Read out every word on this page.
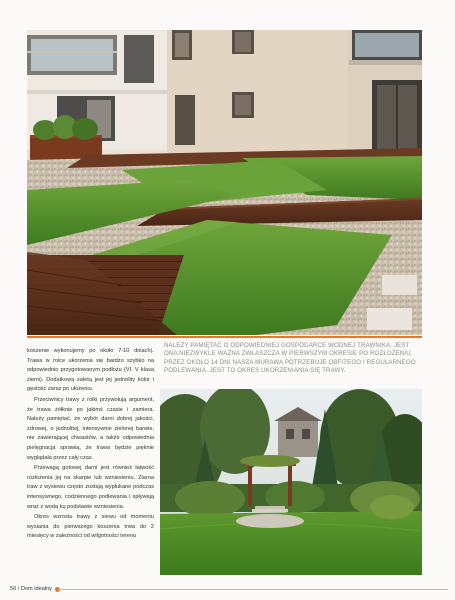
koszenie wykonujemy po około 7-10 dniach). Trawa w rolce ukorzenia się bardzo szybko na odpowiednio przygotowanym podłożu (VI. V klasa ziemi). Dodatkową zaletą jest jej jednolity kolor i gęstość zaraz po ułożeniu.

Przeciwnicy trawy z rolki przywołują argument, że trawa żółknie po jakimś czasie i zamiera. Należy pamiętać, że wybór darni dobrej jakości, zdrowej, o jednolitej, intensywnie zielonej barwie, nie zawierającej chwastów, a także odpowiednia pielęgnacja sprawią, że trawa będzie pięknie wyglądała przez cały czas.

Przewagą gotowej darni jest również łatwość rozłożenia jej na skarpie lub wzniesieniu. Ziarna traw z wysiewu często zostają wypłukane podczas intensywnego, codziennego podlewania i spływają wraz z wodą ku podstawie wzniesienia.

Okres wzrostu trawy z siewu od momentu wysiania do pierwszego koszenia trwa do 2 miesięcy w zależności od wilgotności terenu

NALEŻY PAMIĘTAĆ O ODPOWIEDNIEJ GOSPODARCE WODNEJ TRAWNIKA. JEST ONA NIEZWYKLE WAŻNA ZWŁASZCZA W PIERWSZYM OKRESIE PO ROZŁOŻENIU. PRZEZ OKOŁO 14 DNI NASZA MURAWA POTRZEBUJE OBFITEGO I REGULARNEGO PODLEWANIA. JEST TO OKRES UKORZENIANIA SIĘ TRAWY.
50 / Dom idealny
